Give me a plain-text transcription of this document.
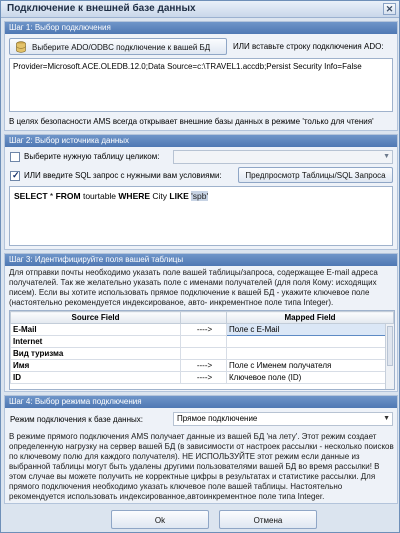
Подключение к внешней базе данных	✕
Шаг 1: Выбор подключения
Выберите ADO/ODBC подключение к вашей БД	ИЛИ вставьте строку подключения ADO:
Provider=Microsoft.ACE.OLEDB.12.0;Data Source=c:\TRAVEL1.accdb;Persist Security Info=False
В целях безопасности AMS всегда открывает внешние базы данных в режиме 'только для чтения'
Шаг 2: Выбор источника данных
Выберите нужную таблицу целиком:	▼
✓
ИЛИ введите SQL запрос с нужными вам условиями:	Предпросмотр Таблицы/SQL Запроса
SELECT * FROM tourtable WHERE City LIKE 'spb'
Шаг 3: Идентифицируйте поля вашей таблицы
Для отправки почты необходимо указать поле вашей таблицы/запроса, содержащее E-mail адреса получателей. Так же желательно указать поле с именами получателей (для поля Кому: исходящих писем). Если вы хотите использовать прямое подключение к вашей БД - укажите ключевое поле (настоятельно рекомендуется индексированое, авто- инкрементное поле типа Integer).
Source Field		Mapped Field
E-Mail	---->	Поле с E-Mail
Internet		
Вид туризма		
Имя	---->	Поле с Именем получателя
ID	---->	Ключевое поле (ID)
Шаг 4: Выбор режима подключения
Режим подключения к базе данных:	Прямое подключение	▼
В режиме прямого подключения AMS получает данные из вашей БД 'на лету'. Этот режим создает определенную нагрузку на сервер вашей БД (в зависимости от настроек рассылки - несколько поисков по ключевому полю для каждого получателя). НЕ ИСПОЛЬЗУЙТЕ этот режим если данные из выбранной таблицы могут быть удалены другими пользователями вашей БД во время рассылки! В этом случае вы можете получить не корректные цифры в результатах и статистике рассылки. Для прямого подключения необходимо указать ключевое поле вашей таблицы. Настоятельно рекомендуется использовать индексированное,автоинкрементное поле типа Integer.
Ok	Отмена
